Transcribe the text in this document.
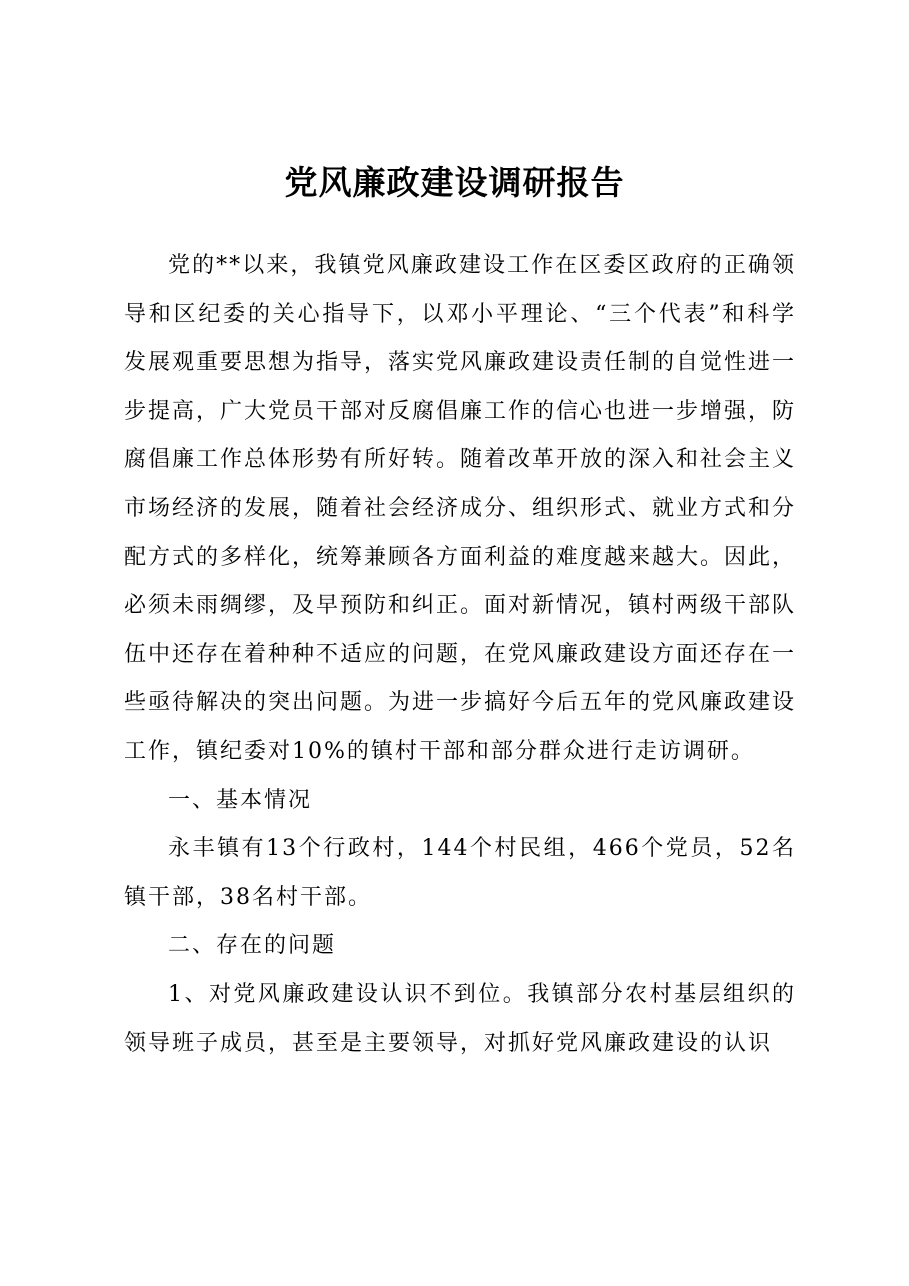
党风廉政建设调研报告

党的**以来，我镇党风廉政建设工作在区委区政府的正确领导和区纪委的关心指导下，以邓小平理论、“三个代表”和科学发展观重要思想为指导，落实党风廉政建设责任制的自觉性进一步提高，广大党员干部对反腐倡廉工作的信心也进一步增强，防腐倡廉工作总体形势有所好转。随着改革开放的深入和社会主义市场经济的发展，随着社会经济成分、组织形式、就业方式和分配方式的多样化，统筹兼顾各方面利益的难度越来越大。因此，必须未雨绸缪，及早预防和纠正。面对新情况，镇村两级干部队伍中还存在着种种不适应的问题，在党风廉政建设方面还存在一些亟待解决的突出问题。为进一步搞好今后五年的党风廉政建设工作，镇纪委对10%的镇村干部和部分群众进行走访调研。

一、基本情况

永丰镇有13个行政村，144个村民组，466个党员，52名镇干部，38名村干部。

二、存在的问题

1、对党风廉政建设认识不到位。我镇部分农村基层组织的领导班子成员，甚至是主要领导，对抓好党风廉政建设的认识
